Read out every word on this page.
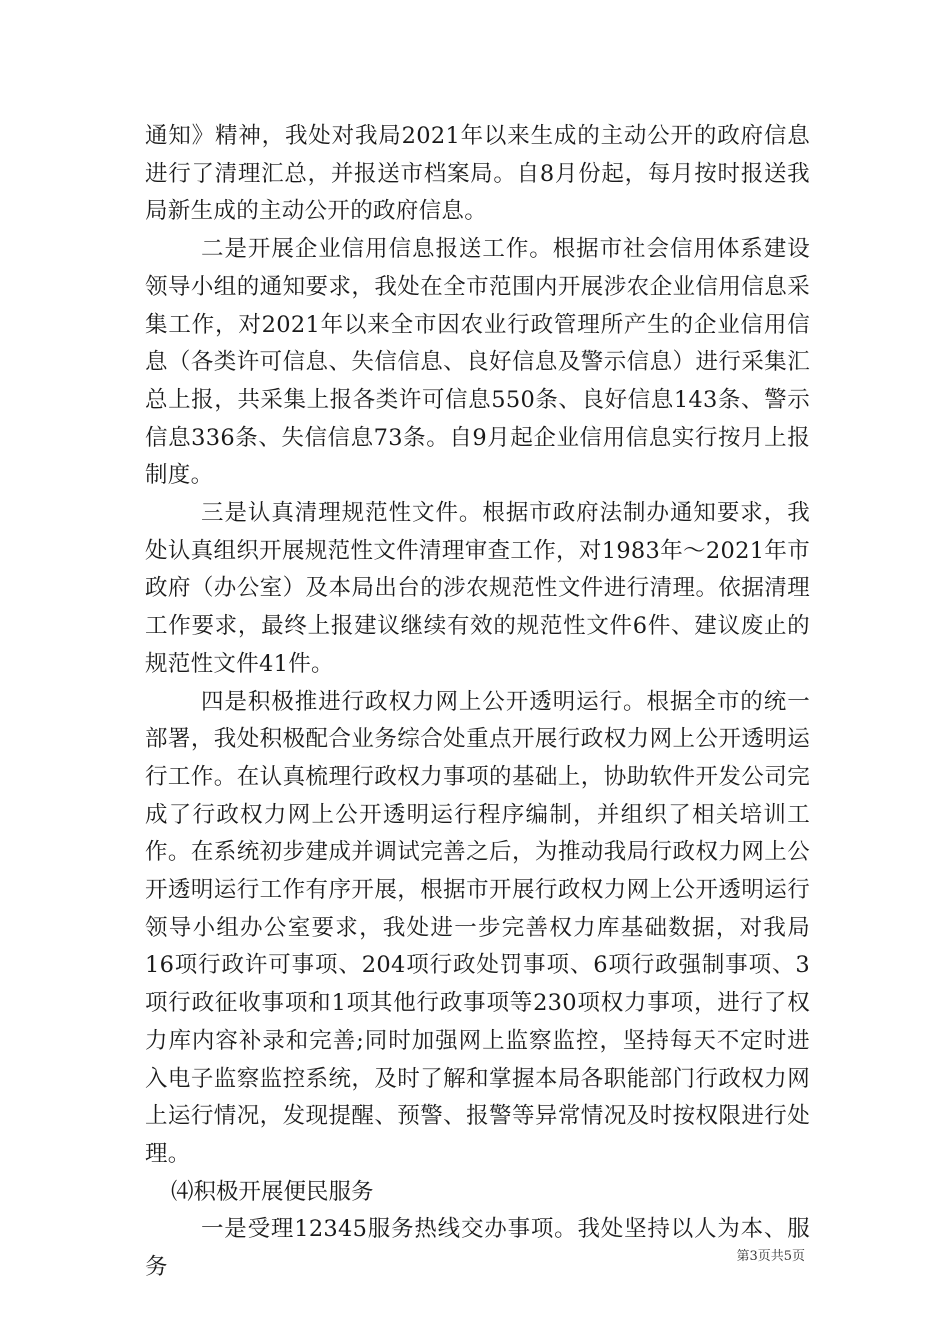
通知》精神，我处对我局2021年以来生成的主动公开的政府信息进行了清理汇总，并报送市档案局。自8月份起，每月按时报送我局新生成的主动公开的政府信息。

二是开展企业信用信息报送工作。根据市社会信用体系建设领导小组的通知要求，我处在全市范围内开展涉农企业信用信息采集工作，对2021年以来全市因农业行政管理所产生的企业信用信息（各类许可信息、失信信息、良好信息及警示信息）进行采集汇总上报，共采集上报各类许可信息550条、良好信息143条、警示信息336条、失信信息73条。自9月起企业信用信息实行按月上报制度。

三是认真清理规范性文件。根据市政府法制办通知要求，我处认真组织开展规范性文件清理审查工作，对1983年～2021年市政府（办公室）及本局出台的涉农规范性文件进行清理。依据清理工作要求，最终上报建议继续有效的规范性文件6件、建议废止的规范性文件41件。

四是积极推进行政权力网上公开透明运行。根据全市的统一部署，我处积极配合业务综合处重点开展行政权力网上公开透明运行工作。在认真梳理行政权力事项的基础上，协助软件开发公司完成了行政权力网上公开透明运行程序编制，并组织了相关培训工作。在系统初步建成并调试完善之后，为推动我局行政权力网上公开透明运行工作有序开展，根据市开展行政权力网上公开透明运行领导小组办公室要求，我处进一步完善权力库基础数据，对我局16项行政许可事项、204项行政处罚事项、6项行政强制事项、3项行政征收事项和1项其他行政事项等230项权力事项，进行了权力库内容补录和完善;同时加强网上监察监控，坚持每天不定时进入电子监察监控系统，及时了解和掌握本局各职能部门行政权力网上运行情况，发现提醒、预警、报警等异常情况及时按权限进行处理。

⑷积极开展便民服务

一是受理12345服务热线交办事项。我处坚持以人为本、服务	第3页共5页
